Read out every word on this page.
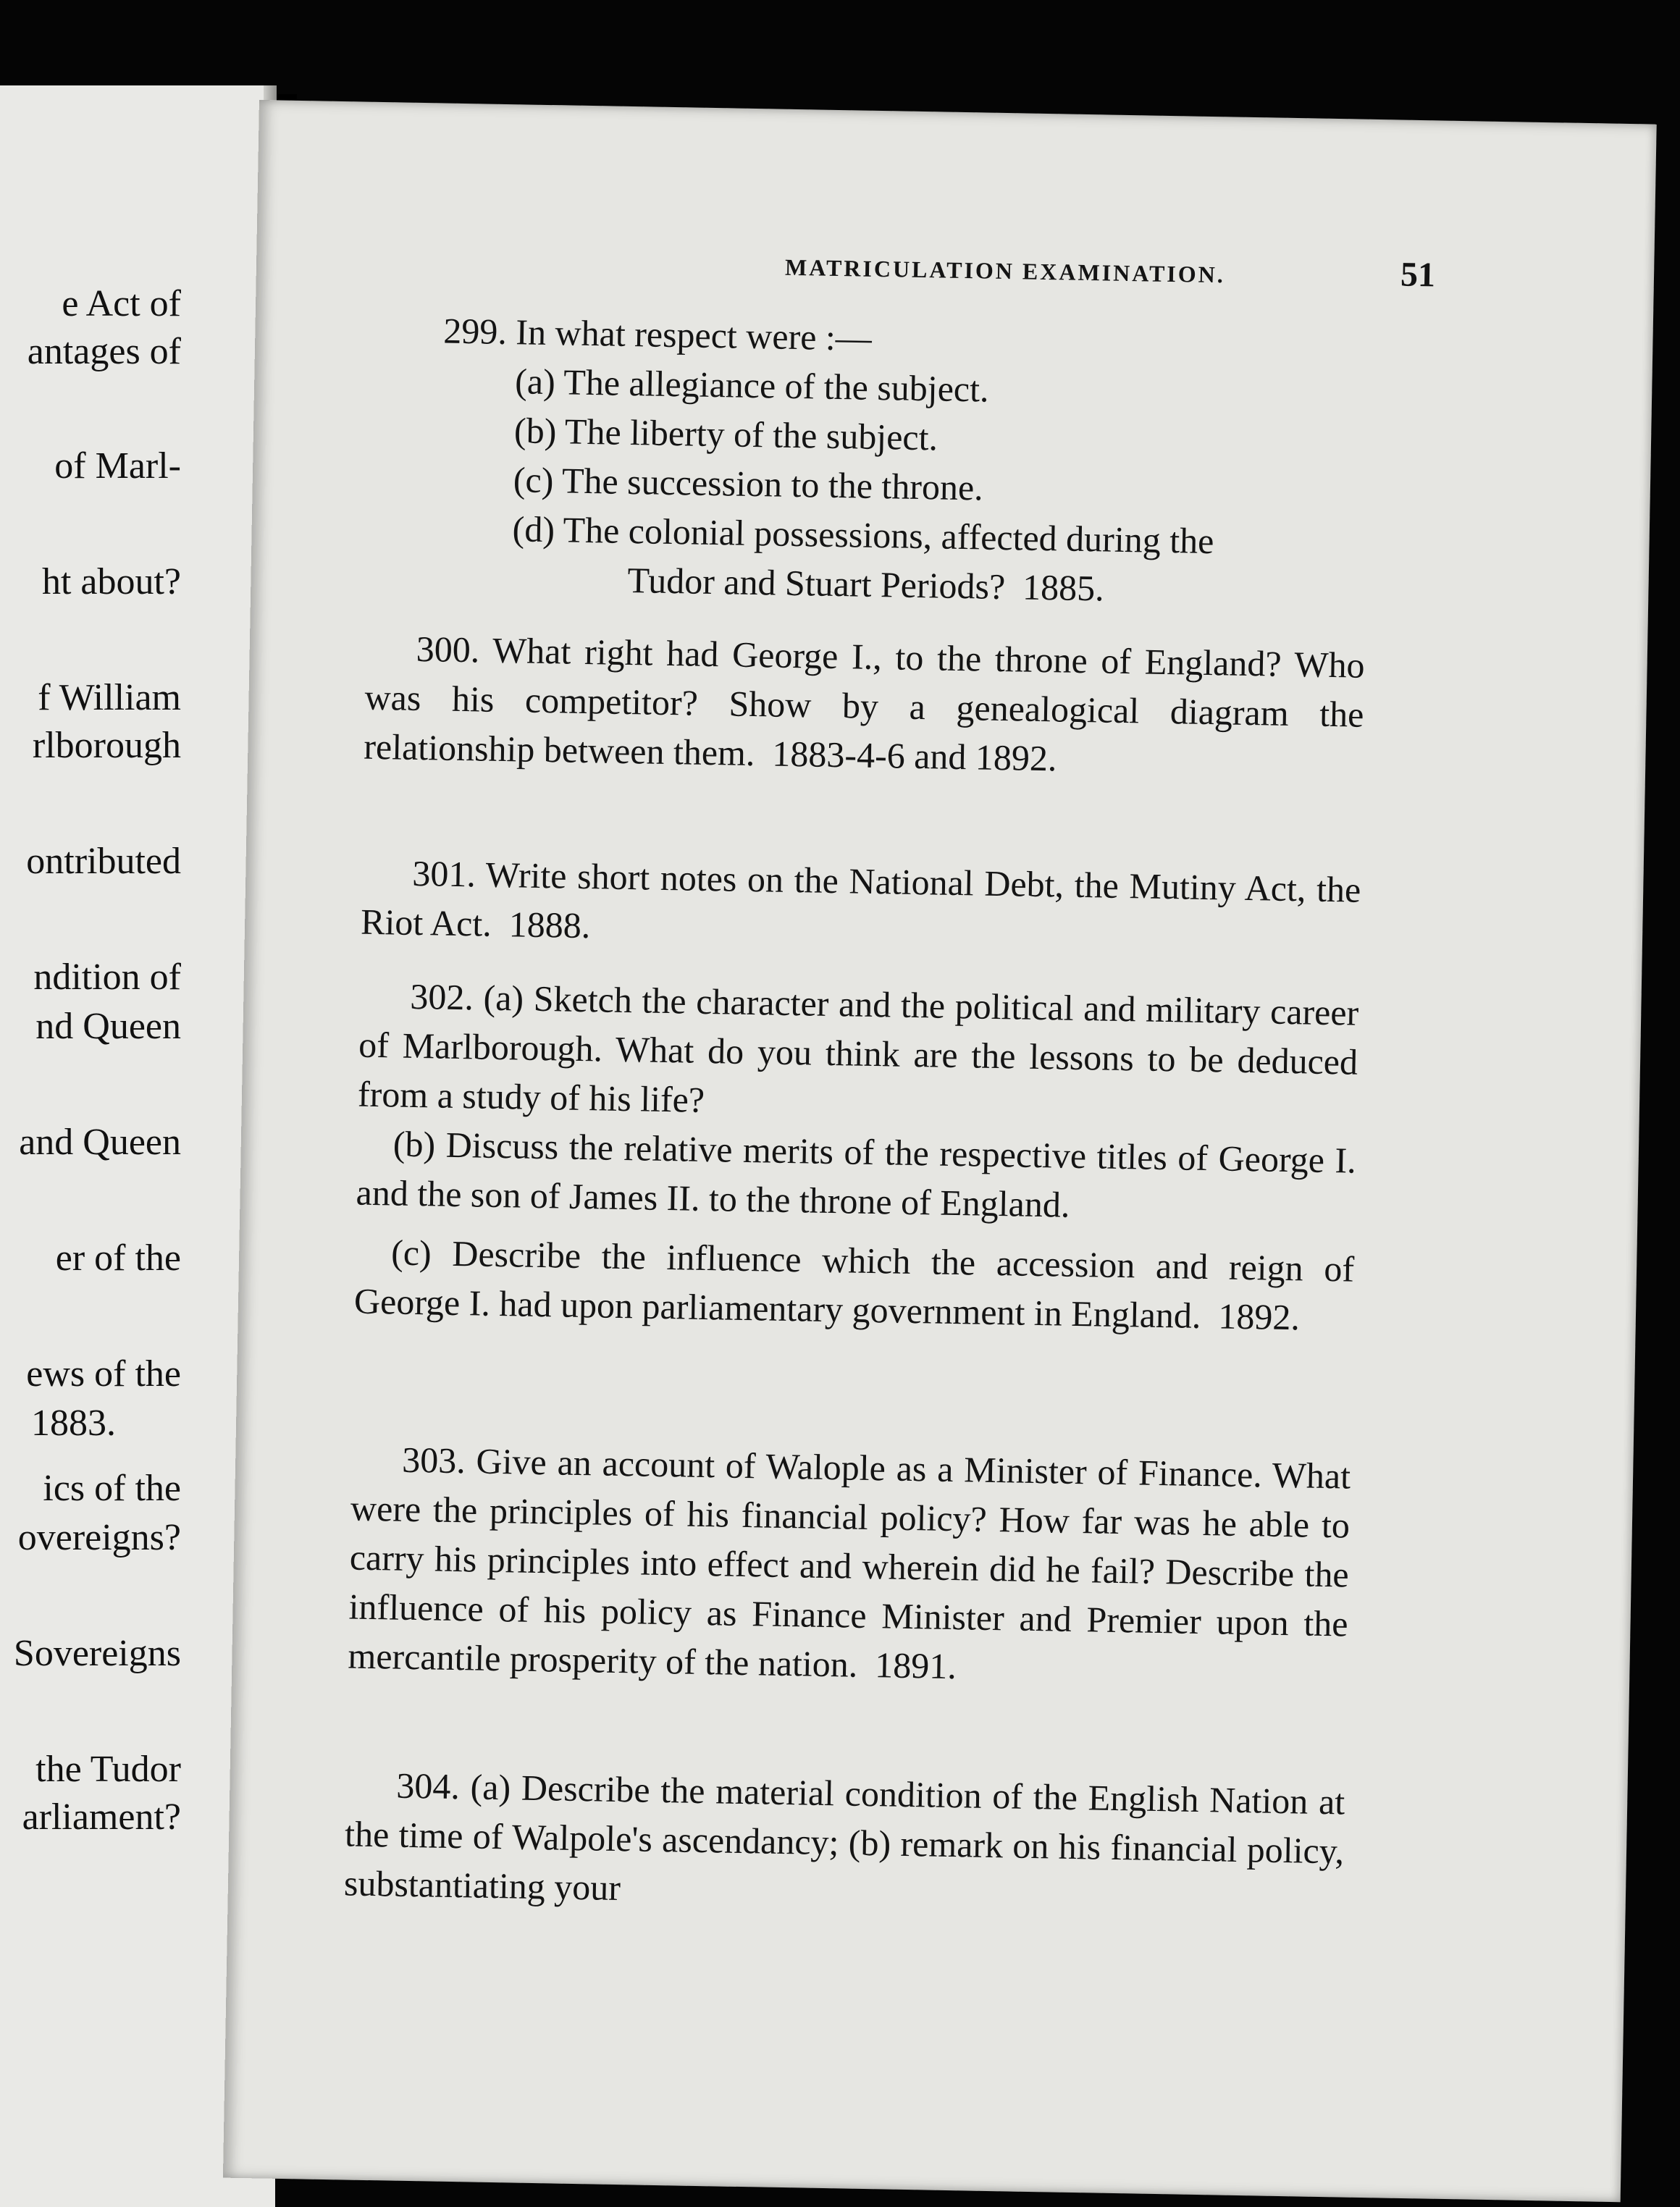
e Act of
antages of
of Marl-
ht about?
f William
rlborough
ontributed
ndition of
nd Queen
and Queen
er of the
ews of the
1883.
ics of the
overeigns?
Sovereigns
the Tudor
arliament?
MATRICULATION EXAMINATION.	51
299. In what respect were :—
(a) The allegiance of the subject.
(b) The liberty of the subject.
(c) The succession to the throne.
(d) The colonial possessions, affected during the
Tudor and Stuart Periods? 1885.
300. What right had George I., to the throne of England? Who was his competitor? Show by a genealogical diagram the relationship between them. 1883-4-6 and 1892.
301. Write short notes on the National Debt, the Mutiny Act, the Riot Act. 1888.
302. (a) Sketch the character and the political and military career of Marlborough. What do you think are the lessons to be deduced from a study of his life?
(b) Discuss the relative merits of the respective titles of George I. and the son of James II. to the throne of England.
(c) Describe the influence which the accession and reign of George I. had upon parliamentary government in England. 1892.
303. Give an account of Walople as a Minister of Finance. What were the principles of his financial policy? How far was he able to carry his principles into effect and wherein did he fail? Describe the influence of his policy as Finance Minister and Premier upon the mercantile prosperity of the nation. 1891.
304. (a) Describe the material condition of the English Nation at the time of Walpole's ascendancy; (b) remark on his financial policy, substantiating your
